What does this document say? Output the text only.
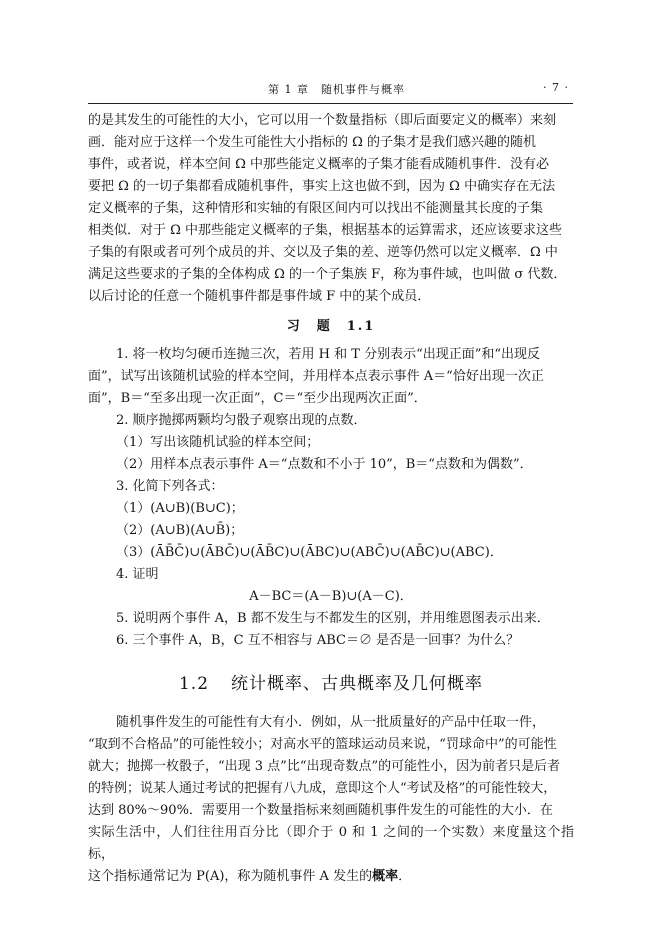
第 1 章　随机事件与概率	· 7 ·

的是其发生的可能性的大小，它可以用一个数量指标（即后面要定义的概率）来刻
画．能对应于这样一个发生可能性大小指标的 Ω 的子集才是我们感兴趣的随机
事件，或者说，样本空间 Ω 中那些能定义概率的子集才能看成随机事件．没有必
要把 Ω 的一切子集都看成随机事件，事实上这也做不到，因为 Ω 中确实存在无法
定义概率的子集，这种情形和实轴的有限区间内可以找出不能测量其长度的子集
相类似．对于 Ω 中那些能定义概率的子集，根据基本的运算需求，还应该要求这些
子集的有限或者可列个成员的并、交以及子集的差、逆等仍然可以定义概率．Ω 中
满足这些要求的子集的全体构成 Ω 的一个子集族 F，称为事件域，也叫做 σ 代数．
以后讨论的任意一个随机事件都是事件域 F 中的某个成员．

习　题　1.1
1. 将一枚均匀硬币连抛三次，若用 H 和 T 分别表示“出现正面”和“出现反
面”，试写出该随机试验的样本空间，并用样本点表示事件 A＝“恰好出现一次正
面”，B＝“至多出现一次正面”，C＝“至少出现两次正面”．
2. 顺序抛掷两颗均匀骰子观察出现的点数．
（1）写出该随机试验的样本空间；
（2）用样本点表示事件 A＝“点数和不小于 10”，B＝“点数和为偶数”．
3. 化简下列各式：
（1）(A∪B)(B∪C)；
（2）(A∪B)(A∪B̄)；
（3）(ĀB̄C̄)∪(ĀBC̄)∪(ĀB̄C)∪(ĀBC)∪(ABC̄)∪(AB̄C)∪(ABC)．
4. 证明
A－BC＝(A－B)∪(A－C)．
5. 说明两个事件 A，B 都不发生与不都发生的区别，并用维恩图表示出来．
6. 三个事件 A，B，C 互不相容与 ABC＝∅ 是否是一回事？为什么？
1.2 统计概率、古典概率及几何概率

随机事件发生的可能性有大有小．例如，从一批质量好的产品中任取一件，
“取到不合格品”的可能性较小；对高水平的篮球运动员来说，“罚球命中”的可能性
就大；抛掷一枚骰子，“出现 3 点”比“出现奇数点”的可能性小，因为前者只是后者
的特例；说某人通过考试的把握有八九成，意即这个人“考试及格”的可能性较大，
达到 80%～90%．需要用一个数量指标来刻画随机事件发生的可能性的大小．在
实际生活中，人们往往用百分比（即介于 0 和 1 之间的一个实数）来度量这个指标，
这个指标通常记为 P(A)，称为随机事件 A 发生的概率．
